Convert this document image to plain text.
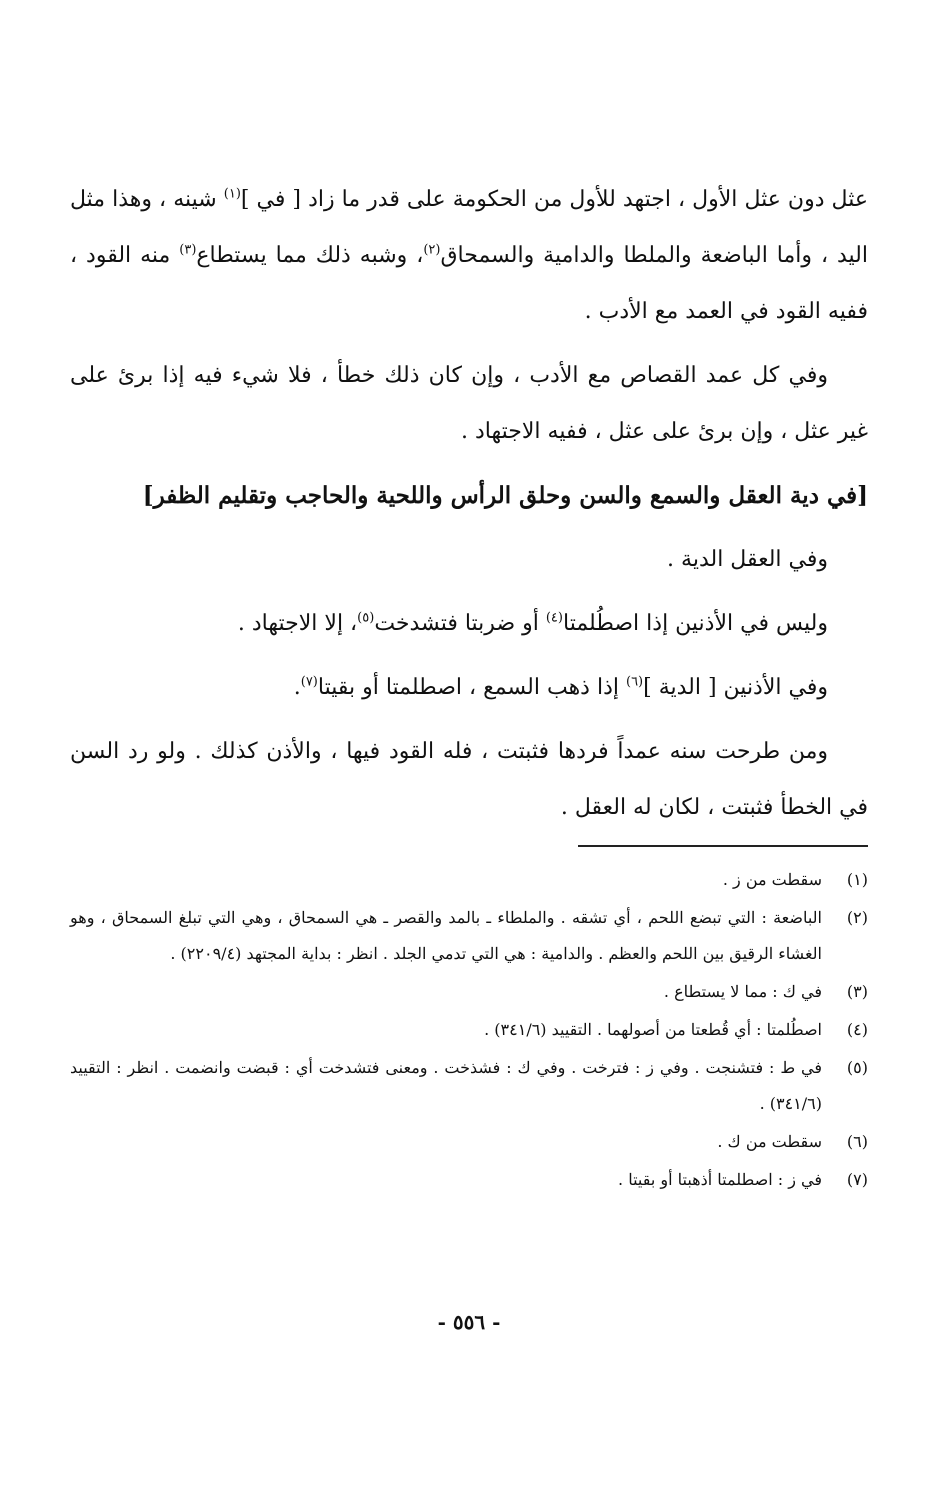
عثل دون عثل الأول ، اجتهد للأول من الحكومة على قدر ما زاد [ في ]$^{(١)}$ شينه ، وهذا مثل اليد ، وأما الباضعة والملطا والدامية والسمحاق$^{(٢)}$، وشبه ذلك مما يستطاع$^{(٣)}$ منه القود ، ففيه القود في العمد مع الأدب .

وفي كل عمد القصاص مع الأدب ، وإن كان ذلك خطأ ، فلا شيء فيه إذا برئ على غير عثل ، وإن برئ على عثل ، ففيه الاجتهاد .

[في دية العقل والسمع والسن وحلق الرأس واللحية والحاجب وتقليم الظفر]

وفي العقل الدية .

وليس في الأذنين إذا اصطُلمتا$^{(٤)}$ أو ضربتا فتشدخت$^{(٥)}$، إلا الاجتهاد .

وفي الأذنين [ الدية ]$^{(٦)}$ إذا ذهب السمع ، اصطلمتا أو بقيتا$^{(٧)}$.

ومن طرحت سنه عمداً فردها فثبتت ، فله القود فيها ، والأذن كذلك . ولو رد السن في الخطأ فثبتت ، لكان له العقل .

(١)
سقطت من ز .
(٢)
الباضعة : التي تبضع اللحم ، أي تشقه . والملطاء ـ بالمد والقصر ـ هي السمحاق ، وهي التي تبلغ السمحاق ، وهو الغشاء الرقيق بين اللحم والعظم . والدامية : هي التي تدمي الجلد . انظر : بداية المجتهد (٢٢٠٩/٤) .
(٣)
في ك : مما لا يستطاع .
(٤)
اصطُلمتا : أي قُطعتا من أصولهما . التقييد (٣٤١/٦) .
(٥)
في ط : فتشنجت . وفي ز : فترخت . وفي ك : فشذخت . ومعنى فتشدخت أي : قبضت وانضمت . انظر : التقييد (٣٤١/٦) .
(٦)
سقطت من ك .
(٧)
في ز : اصطلمتا أذهبتا أو بقيتا .
- ٥٥٦ -
